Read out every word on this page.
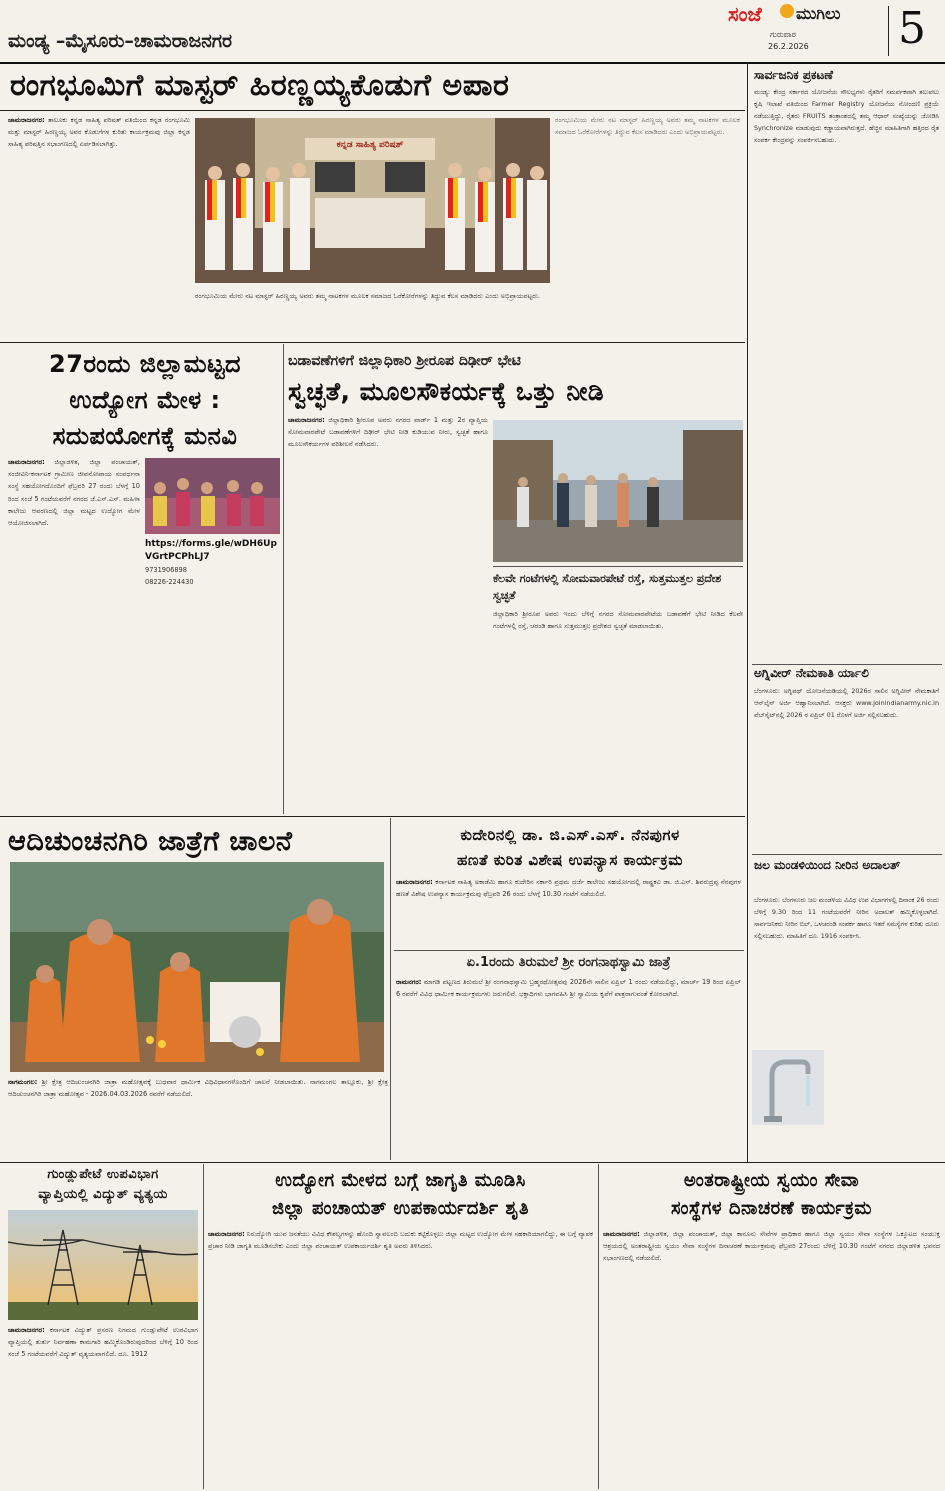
ಮಂಡ್ಯ –ಮೈಸೂರು–ಚಾಮರಾಜನಗರ
ಸಂಜೆ ಮುಗಿಲು
ಗುರುವಾರ
26.2.2026 5
ರಂಗಭೂಮಿಗೆ ಮಾಸ್ಟರ್ ಹಿರಣ್ಣಯ್ಯಕೊಡುಗೆ ಅಪಾರ
ಚಾಮರಾಜನಗರ: ತಾಲೂಕು ಕನ್ನಡ ಸಾಹಿತ್ಯ ಪರಿಷತ್ ವತಿಯಿಂದ ಕನ್ನಡ ರಂಗಭೂಮಿ ಮತ್ತು ಮಾಸ್ಟರ್ ಹಿರಣ್ಣಯ್ಯ ಅವರ ಕೊಡುಗೆಗಳ ಕುರಿತು ಕಾರ್ಯಕ್ರಮವು ಜಿಲ್ಲಾ ಕನ್ನಡ ಸಾಹಿತ್ಯ ಪರಿಷತ್ತಿನ ಸಭಾಂಗಣದಲ್ಲಿ ಏರ್ಪಡಿಸಲಾಗಿತ್ತು.	ಕನ್ನಡ ಸಾಹಿತ್ಯ ಪರಿಷತ್
ರಂಗಭೂಮಿಯ ಮೇರು ನಟ ಮಾಸ್ಟರ್ ಹಿರಣ್ಣಯ್ಯ ಅವರು ತಮ್ಮ ನಾಟಕಗಳ ಮೂಲಕ ಸಮಾಜದ ಓರೆಕೋರೆಗಳನ್ನು ತಿದ್ದುವ ಕೆಲಸ ಮಾಡಿದರು ಎಂದು ಅಭಿಪ್ರಾಯಪಟ್ಟರು.
ರಂಗಭೂಮಿಯ ಮೇರು ನಟ ಮಾಸ್ಟರ್ ಹಿರಣ್ಣಯ್ಯ ಅವರು ತಮ್ಮ ನಾಟಕಗಳ ಮೂಲಕ ಸಮಾಜದ ಓರೆಕೋರೆಗಳನ್ನು ತಿದ್ದುವ ಕೆಲಸ ಮಾಡಿದರು ಎಂದು ಅಭಿಪ್ರಾಯಪಟ್ಟರು.
ಸಾರ್ವಜನಿಕ ಪ್ರಕಟಣೆ
ಮಂಡ್ಯ: ಕೇಂದ್ರ ಸರ್ಕಾರದ ಯೋಜನೆಯ ಸೌಲಭ್ಯಗಳು ರೈತರಿಗೆ ಸಮರ್ಪಕವಾಗಿ ತಲುಪಲು ಕೃಷಿ ಇಲಾಖೆ ವತಿಯಿಂದ Farmer Registry ಯೋಜನೆಯ ನೋಂದಣಿ ಪ್ರಕ್ರಿಯೆ ನಡೆಯುತ್ತಿದ್ದು, ರೈತರು FRUITS ತಂತ್ರಾಂಶದಲ್ಲಿ ತಮ್ಮ ಆಧಾರ್ ಸಂಖ್ಯೆಯನ್ನು ಜೋಡಿಸಿ Synchronize ಮಾಡುವುದು ಕಡ್ಡಾಯವಾಗಿರುತ್ತದೆ. ಹೆಚ್ಚಿನ ಮಾಹಿತಿಗಾಗಿ ಹತ್ತಿರದ ರೈತ ಸಂಪರ್ಕ ಕೇಂದ್ರವನ್ನು ಸಂಪರ್ಕಿಸಬಹುದು.
ಅಗ್ನಿವೀರ್ ನೇಮಕಾತಿ ರ್ಯಾಲಿ
ಬೆಂಗಳೂರು: ಅಗ್ನಿಪಥ್ ಯೋಜನೆಯಡಿಯಲ್ಲಿ 2026ರ ಸಾಲಿನ ಅಗ್ನಿವೀರ್ ನೇಮಕಾತಿಗೆ ಆನ್‌ಲೈನ್ ಅರ್ಜಿ ಆಹ್ವಾನಿಸಲಾಗಿದೆ. ಆಸಕ್ತರು www.joinindianarmy.nic.in ವೆಬ್‌ಸೈಟ್‌ನಲ್ಲಿ 2026 ರ ಏಪ್ರಿಲ್ 01 ರೊಳಗೆ ಅರ್ಜಿ ಸಲ್ಲಿಸಬಹುದು.
ಜಲ ಮಂಡಳಿಯಿಂದ ನೀರಿನ ಅದಾಲತ್
ಬೆಂಗಳೂರು: ಬೆಂಗಳೂರು ಜಲ ಮಂಡಳಿಯ ವಿವಿಧ ಉಪ ವಿಭಾಗಗಳಲ್ಲಿ ದಿನಾಂಕ 26 ರಂದು ಬೆಳಿಗ್ಗೆ 9.30 ರಿಂದ 11 ಗಂಟೆಯವರೆಗೆ ನೀರಿನ ಅದಾಲತ್ ಹಮ್ಮಿಕೊಳ್ಳಲಾಗಿದೆ. ಸಾರ್ವಜನಿಕರು ನೀರಿನ ಬಿಲ್, ಒಳಚರಂಡಿ ಸಂಪರ್ಕ ಹಾಗೂ ಇತರೆ ಸಮಸ್ಯೆಗಳ ಕುರಿತು ದೂರು ಸಲ್ಲಿಸಬಹುದು. ಮಾಹಿತಿಗೆ ದೂ. 1916 ಸಂಪರ್ಕಿಸಿ.
27ರಂದು ಜಿಲ್ಲಾಮಟ್ಟದ
ಉದ್ಯೋಗ ಮೇಳ :
ಸದುಪಯೋಗಕ್ಕೆ ಮನವಿ
ಚಾಮರಾಜನಗರ: ಜಿಲ್ಲಾಡಳಿತ, ಜಿಲ್ಲಾ ಪಂಚಾಯತ್, ಸಂಜೀವಿನಿ-ಕರ್ನಾಟಕ ಗ್ರಾಮೀಣ ಜೀವನೋಪಾಯ ಸಂವರ್ಧನಾ ಸಂಸ್ಥೆ ಸಹಯೋಗದೊಂದಿಗೆ ಫೆಬ್ರವರಿ 27 ರಂದು ಬೆಳಗ್ಗೆ 10 ರಿಂದ ಸಂಜೆ 5 ಗಂಟೆಯವರೆಗೆ ನಗರದ ಜೆ.ಎಸ್.ಎಸ್. ಮಹಿಳಾ ಕಾಲೇಜು ಆವರಣದಲ್ಲಿ ಜಿಲ್ಲಾ ಮಟ್ಟದ ಉದ್ಯೋಗ ಮೇಳ ಆಯೋಜಿಸಲಾಗಿದೆ.
https://forms.gle/wDH6UpVGrtPCPhLJ7
9731906898
08226-224430
ಬಡಾವಣೆಗಳಿಗೆ ಜಿಲ್ಲಾಧಿಕಾರಿ ಶ್ರೀರೂಪ ದಿಢೀರ್ ಭೇಟಿ
ಸ್ವಚ್ಛತೆ, ಮೂಲಸೌಕರ್ಯಕ್ಕೆ ಒತ್ತು ನೀಡಿ
ಚಾಮರಾಜನಗರ: ಜಿಲ್ಲಾಧಿಕಾರಿ ಶ್ರೀರೂಪ ಅವರು ನಗರದ ವಾರ್ಡ್ 1 ಮತ್ತು 2ರ ವ್ಯಾಪ್ತಿಯ ಸೋಮವಾರಪೇಟೆ ಬಡಾವಣೆಗಳಿಗೆ ದಿಢೀರ್ ಭೇಟಿ ನೀಡಿ ಕುಡಿಯುವ ನೀರು, ಸ್ವಚ್ಛತೆ ಹಾಗೂ ಮೂಲಸೌಕರ್ಯಗಳ ಪರಿಶೀಲನೆ ನಡೆಸಿದರು.
ಕೆಲವೇ ಗಂಟೆಗಳಲ್ಲಿ ಸೋಮವಾರಪೇಟೆ ರಸ್ತೆ, ಸುತ್ತಮುತ್ತಲ ಪ್ರದೇಶ ಸ್ವಚ್ಛತೆ
ಜಿಲ್ಲಾಧಿಕಾರಿ ಶ್ರೀರೂಪ ಅವರು ಇಂದು ಬೆಳಿಗ್ಗೆ ನಗರದ ಸೋಮವಾರಪೇಟೆಯ ಬಡಾವಣೆಗೆ ಭೇಟಿ ನೀಡಿದ ಕೆಲವೇ ಗಂಟೆಗಳಲ್ಲಿ ರಸ್ತೆ, ಚರಂಡಿ ಹಾಗೂ ಸುತ್ತಮುತ್ತಲ ಪ್ರದೇಶದ ಸ್ವಚ್ಛತೆ ಮಾಡಲಾಯಿತು.
ಆದಿಚುಂಚನಗಿರಿ ಜಾತ್ರೆಗೆ ಚಾಲನೆ
ನಾಗಮಂಗಲ: ಶ್ರೀ ಕ್ಷೇತ್ರ ಆದಿಚುಂಚನಗಿರಿ ಜಾತ್ರಾ ಮಹೋತ್ಸವಕ್ಕೆ ಬುಧವಾರ ಧಾರ್ಮಿಕ ವಿಧಿವಿಧಾನಗಳೊಂದಿಗೆ ಚಾಲನೆ ನೀಡಲಾಯಿತು. ನಾಗಮಂಗಲ ತಾಲ್ಲೂಕು, ಶ್ರೀ ಕ್ಷೇತ್ರ ಆದಿಚುಂಚನಗಿರಿ ಜಾತ್ರಾ ಮಹೋತ್ಸವ - 2026.04.03.2026 ರವರೆಗೆ ನಡೆಯಲಿದೆ.
ಕುದೇರಿನಲ್ಲಿ ಡಾ. ಜಿ.ಎಸ್.ಎಸ್. ನೆನಪುಗಳ
ಹಣತೆ ಕುರಿತ ವಿಶೇಷ ಉಪನ್ಯಾಸ ಕಾರ್ಯಕ್ರಮ
ಚಾಮರಾಜನಗರ: ಕರ್ನಾಟಕ ಸಾಹಿತ್ಯ ಅಕಾಡೆಮಿ ಹಾಗೂ ಕುದೇರಿನ ಸರ್ಕಾರಿ ಪ್ರಥಮ ದರ್ಜೆ ಕಾಲೇಜು ಸಹಯೋಗದಲ್ಲಿ ರಾಷ್ಟ್ರಕವಿ ಡಾ. ಜಿ.ಎಸ್. ಶಿವರುದ್ರಪ್ಪ ನೆನಪುಗಳ ಹಣತೆ ವಿಶೇಷ ಉಪನ್ಯಾಸ ಕಾರ್ಯಕ್ರಮವು ಫೆಬ್ರವರಿ 26 ರಂದು ಬೆಳಗ್ಗೆ 10.30 ಗಂಟೆಗೆ ನಡೆಯಲಿದೆ.
ಏ.1ರಂದು ತಿರುಮಲೆ ಶ್ರೀ ರಂಗನಾಥಸ್ವಾಮಿ ಜಾತ್ರೆ
ರಾಮನಗರ: ಮಾಗಡಿ ಪಟ್ಟಣದ ತಿರುಮಲೆ ಶ್ರೀ ರಂಗನಾಥಸ್ವಾಮಿ ಬ್ರಹ್ಮರಥೋತ್ಸವವು 2026ನೇ ಸಾಲಿನ ಏಪ್ರಿಲ್ 1 ರಂದು ನಡೆಯಲಿದ್ದು, ಮಾರ್ಚ್ 19 ರಿಂದ ಏಪ್ರಿಲ್ 6 ರವರೆಗೆ ವಿವಿಧ ಧಾರ್ಮಿಕ ಕಾರ್ಯಕ್ರಮಗಳು ಜರುಗಲಿವೆ. ಭಕ್ತಾದಿಗಳು ಭಾಗವಹಿಸಿ ಶ್ರೀ ಸ್ವಾಮಿಯ ಕೃಪೆಗೆ ಪಾತ್ರರಾಗುವಂತೆ ಕೋರಲಾಗಿದೆ.
ಗುಂಡ್ಲುಪೇಟೆ ಉಪವಿಭಾಗ
ವ್ಯಾಪ್ತಿಯಲ್ಲಿ ವಿದ್ಯುತ್ ವ್ಯತ್ಯಯ
ಚಾಮರಾಜನಗರ: ಕರ್ನಾಟಕ ವಿದ್ಯುತ್ ಪ್ರಸರಣ ನಿಗಮದ ಗುಂಡ್ಲುಪೇಟೆ ಉಪವಿಭಾಗ ವ್ಯಾಪ್ತಿಯಲ್ಲಿ ತುರ್ತು ನಿರ್ವಹಣಾ ಕಾಮಗಾರಿ ಹಮ್ಮಿಕೊಂಡಿರುವುದರಿಂದ ಬೆಳಿಗ್ಗೆ 10 ರಿಂದ ಸಂಜೆ 5 ಗಂಟೆಯವರೆಗೆ ವಿದ್ಯುತ್ ವ್ಯತ್ಯಯವಾಗಲಿದೆ. ದೂ. 1912
ಉದ್ಯೋಗ ಮೇಳದ ಬಗ್ಗೆ ಜಾಗೃತಿ ಮೂಡಿಸಿ
ಜಿಲ್ಲಾ ಪಂಚಾಯತ್ ಉಪಕಾರ್ಯದರ್ಶಿ ಶೃತಿ
ಚಾಮರಾಜನಗರ: ನಿರುದ್ಯೋಗಿ ಯುವ ಜನತೆಯು ವಿವಿಧ ಕೌಶಲ್ಯಗಳನ್ನು ಹೊಂದಿ ಸ್ವಾವಲಂಬಿ ಬದುಕು ಕಟ್ಟಿಕೊಳ್ಳಲು ಜಿಲ್ಲಾ ಮಟ್ಟದ ಉದ್ಯೋಗ ಮೇಳ ಸಹಕಾರಿಯಾಗಲಿದ್ದು, ಈ ಬಗ್ಗೆ ವ್ಯಾಪಕ ಪ್ರಚಾರ ನೀಡಿ ಜಾಗೃತಿ ಮೂಡಿಸಬೇಕು ಎಂದು ಜಿಲ್ಲಾ ಪಂಚಾಯತ್ ಉಪಕಾರ್ಯದರ್ಶಿ ಶೃತಿ ಅವರು ತಿಳಿಸಿದರು.
ಅಂತರಾಷ್ಟ್ರೀಯ ಸ್ವಯಂ ಸೇವಾ
ಸಂಸ್ಥೆಗಳ ದಿನಾಚರಣೆ ಕಾರ್ಯಕ್ರಮ
ಚಾಮರಾಜನಗರ: ಜಿಲ್ಲಾಡಳಿತ, ಜಿಲ್ಲಾ ಪಂಚಾಯತ್, ಜಿಲ್ಲಾ ಕಾನೂನು ಸೇವೆಗಳ ಪ್ರಾಧಿಕಾರ ಹಾಗೂ ಜಿಲ್ಲಾ ಸ್ವಯಂ ಸೇವಾ ಸಂಸ್ಥೆಗಳ ಒಕ್ಕೂಟದ ಸಂಯುಕ್ತ ಆಶ್ರಯದಲ್ಲಿ ಅಂತರಾಷ್ಟ್ರೀಯ ಸ್ವಯಂ ಸೇವಾ ಸಂಸ್ಥೆಗಳ ದಿನಾಚರಣೆ ಕಾರ್ಯಕ್ರಮವು ಫೆಬ್ರವರಿ 27ರಂದು ಬೆಳಿಗ್ಗೆ 10.30 ಗಂಟೆಗೆ ನಗರದ ಜಿಲ್ಲಾಡಳಿತ ಭವನದ ಸಭಾಂಗಣದಲ್ಲಿ ನಡೆಯಲಿದೆ.
